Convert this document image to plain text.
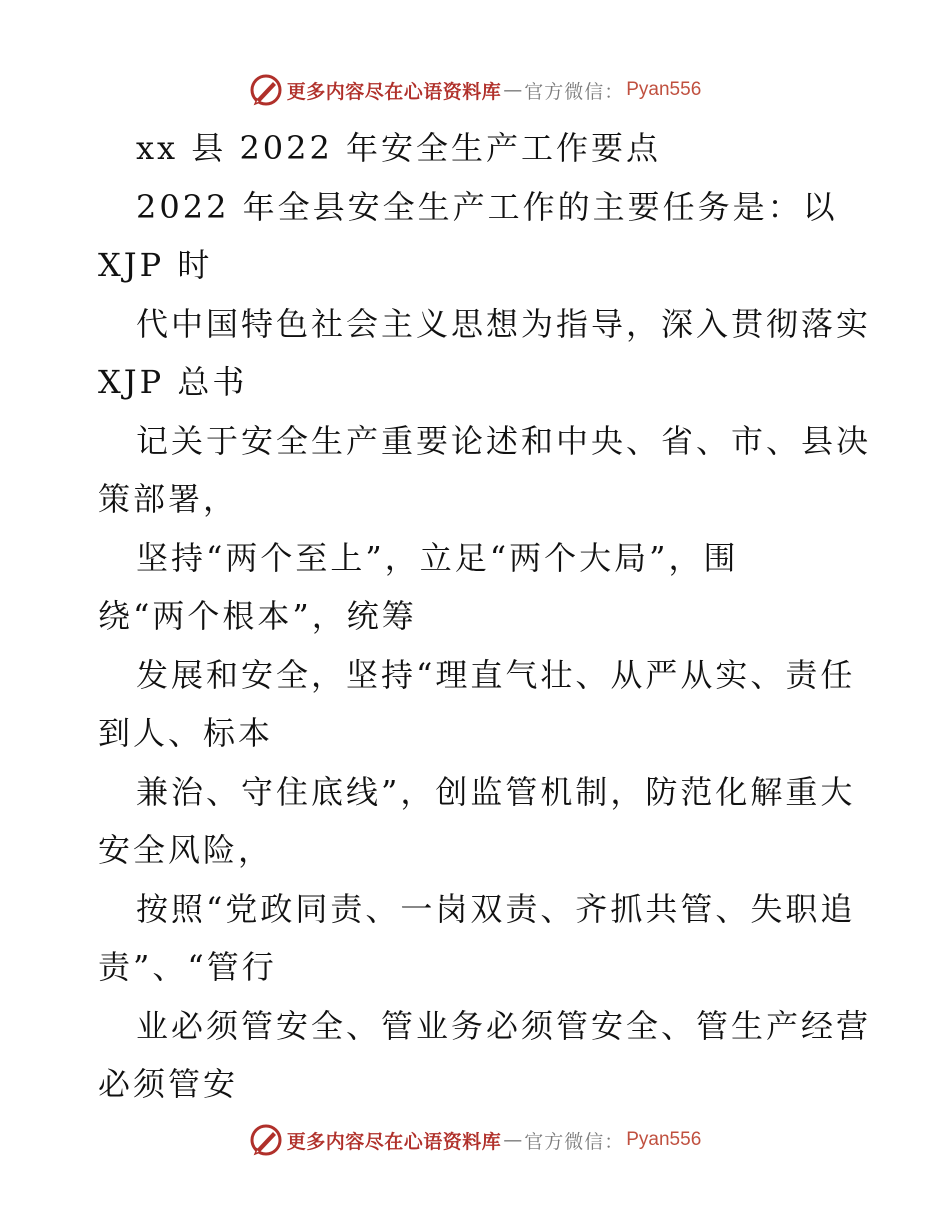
更多内容尽在心语资料库 — 官方微信： Pyan556
xx 县 2022 年安全生产工作要点
2022 年全县安全生产工作的主要任务是：以
XJP 时
代中国特色社会主义思想为指导，深入贯彻落实
XJP 总书
记关于安全生产重要论述和中央、省、市、县决
策部署，
坚持“两个至上”，立足“两个大局”，围
绕“两个根本”，统筹
发展和安全，坚持“理直气壮、从严从实、责任
到人、标本
兼治、守住底线”，创监管机制，防范化解重大
安全风险，
按照“党政同责、一岗双责、齐抓共管、失职追
责”、“管行
业必须管安全、管业务必须管安全、管生产经营
必须管安
更多内容尽在心语资料库 — 官方微信： Pyan556
